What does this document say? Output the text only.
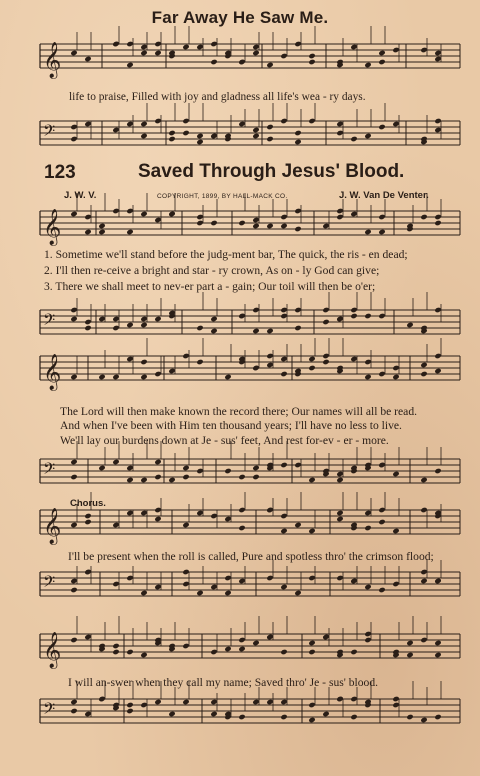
𝄞
𝄢
𝄞
𝄢
𝄞
𝄢
𝄞
𝄢
𝄞
𝄢
Far Away He Saw Me.
life to praise, Filled with joy and gladness all life's wea - ry days.
123	Saved Through Jesus' Blood.
J. W. V.	COPYRIGHT, 1899, BY HALL-MACK CO.	J. W. Van De Venter.
1. Sometime we'll stand before the judg-ment bar, The quick, the ris - en dead;
2. I'll then re-ceive a bright and star - ry crown, As on - ly God can give;
3. There we shall meet to nev-er part a - gain; Our toil will then be o'er;
The Lord will then make known the record there; Our names will all be read.
And when I've been with Him ten thousand years; I'll have no less to live.
We'll lay our burdens down at Je - sus' feet, And rest for-ev - er - more.
Chorus.
I'll be present when the roll is called, Pure and spotless thro' the crimson flood;
I will an-swer when they call my name; Saved thro' Je - sus' blood.
